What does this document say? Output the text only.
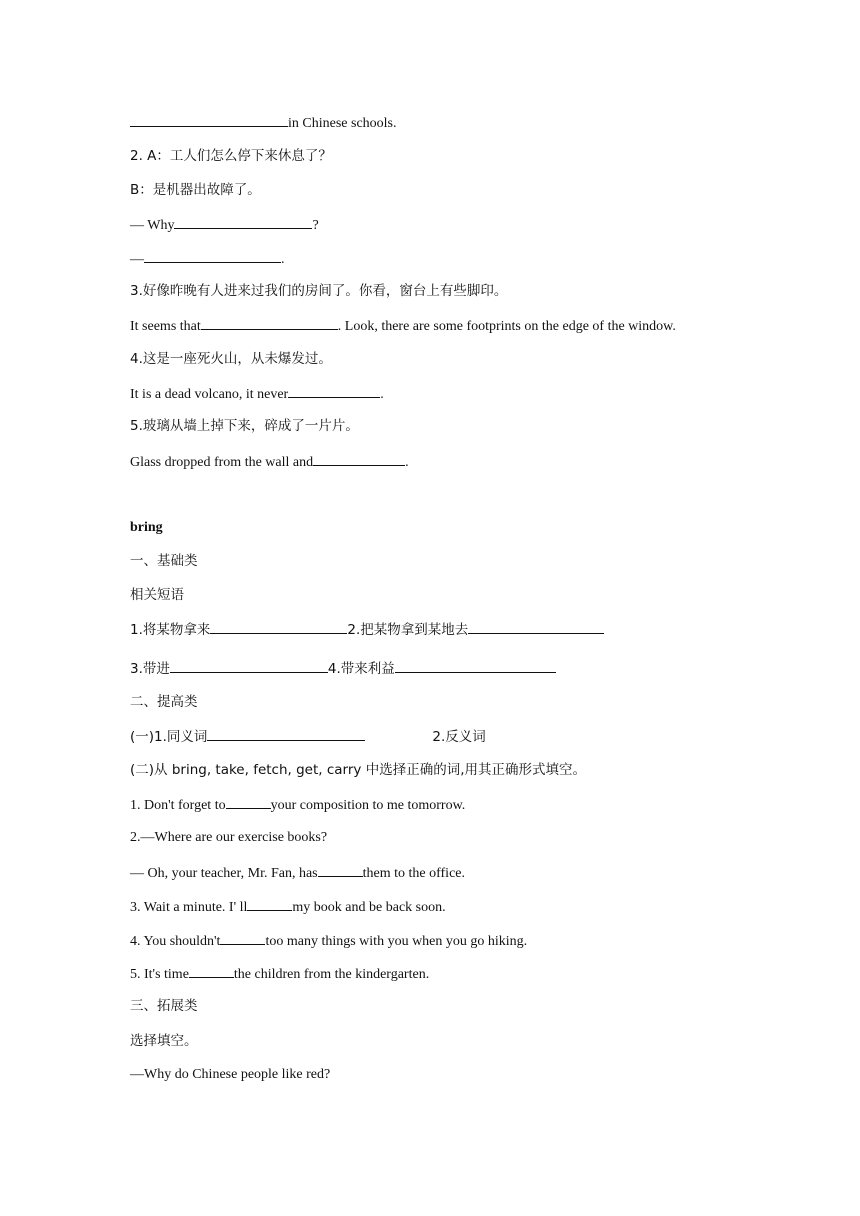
in Chinese schools.
2. A：工人们怎么停下来休息了？
B：是机器出故障了。
— Why	?
—	.
3.好像昨晚有人进来过我们的房间了。你看，窗台上有些脚印。
It seems that	. Look, there are some footprints on the edge of the window.
4.这是一座死火山，从未爆发过。
It is a dead volcano, it never	.
5.玻璃从墙上掉下来，碎成了一片片。
Glass dropped from the wall and	.
bring
一、基础类
相关短语
1.将某物拿来	2.把某物拿到某地去
3.带进	4.带来利益
二、提高类
(一)1.同义词	2.反义词
(二)从 bring, take, fetch, get, carry 中选择正确的词,用其正确形式填空。
1. Don't forget to	your composition to me tomorrow.
2.—Where are our exercise books?
— Oh, your teacher, Mr. Fan, has	them to the office.
3. Wait a minute. I' ll	my book and be back soon.
4. You shouldn't	too many things with you when you go hiking.
5. It's time	the children from the kindergarten.
三、拓展类
选择填空。
—Why do Chinese people like red?
